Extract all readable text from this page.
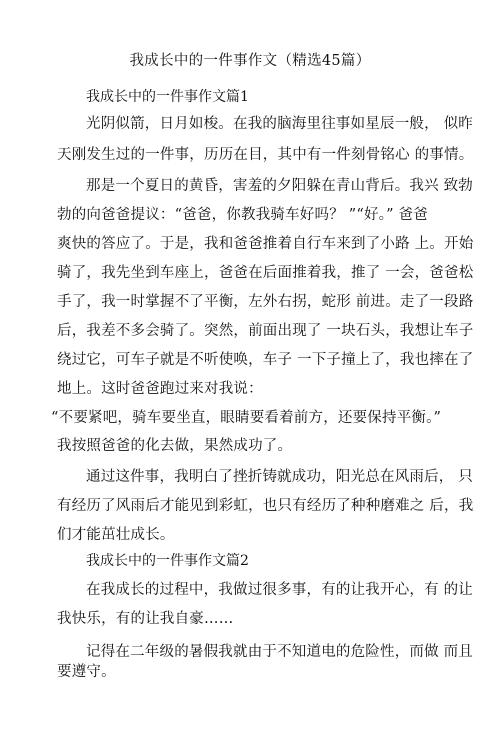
我成长中的一件事作文（精选45篇）
我成长中的一件事作文篇1
光阴似箭，日月如梭。在我的脑海里往事如星辰一般， 似昨
天刚发生过的一件事，历历在目，其中有一件刻骨铭心 的事情。
那是一个夏日的黄昏，害羞的夕阳躲在青山背后。我兴 致勃
勃的向爸爸提议：“爸爸，你教我骑车好吗？ ”“好。” 爸爸
爽快的答应了。于是，我和爸爸推着自行车来到了小路 上。开始
骑了，我先坐到车座上，爸爸在后面推着我，推了 一会，爸爸松
手了，我一时掌握不了平衡，左外右拐，蛇形 前进。走了一段路
后，我差不多会骑了。突然，前面出现了 一块石头，我想让车子
绕过它，可车子就是不听使唤，车子 一下子撞上了，我也摔在了
地上。这时爸爸跑过来对我说：
“不要紧吧，骑车要坐直，眼睛要看着前方，还要保持平衡。”
我按照爸爸的化去做，果然成功了。
通过这件事，我明白了挫折铸就成功，阳光总在风雨后， 只
有经历了风雨后才能见到彩虹，也只有经历了种种磨难之 后，我
们才能茁壮成长。
我成长中的一件事作文篇2
在我成长的过程中，我做过很多事，有的让我开心，有 的让
我快乐，有的让我自豪……
记得在二年级的暑假我就由于不知道电的危险性，而做 而且
要遵守。
